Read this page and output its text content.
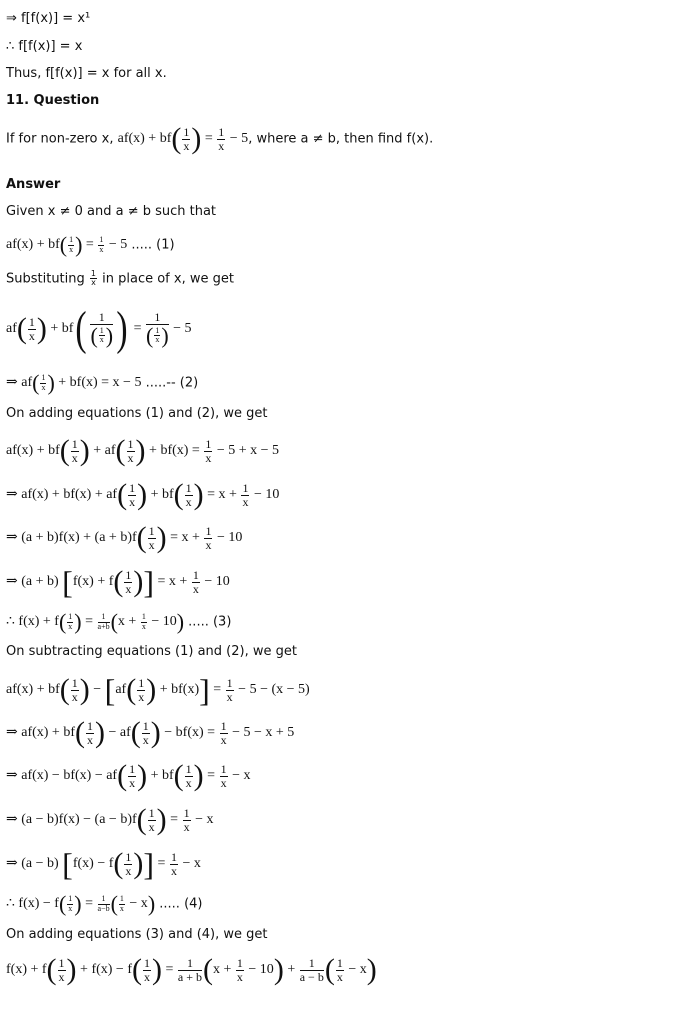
⇒ f[f(x)] = x¹
∴ f[f(x)] = x
Thus, f[f(x)] = x for all x.
11. Question
If for non-zero x, $af(x) + bf( \frac{1}{x}$ ) = $\frac{1}{x} - 5$, where a ≠ b, then find f(x).
Answer
Given x ≠ 0 and a ≠ b such that
$af(x) + bf( \frac{1}{x}$ ) = $\frac{1}{x} - 5$ ..... (1)
Substituting $\frac{1}{x}$ in place of x, we get
$af( \frac{1}{x}$ ) + $bf( \frac{1}{( \frac{1}{x} )}$ ) = $\frac{1}{( \frac{1}{x} )} - 5$
⇒ $af( \frac{1}{x}$ ) + bf(x) = x − 5 .....-- (2)
On adding equations (1) and (2), we get
$af(x) + bf( \frac{1}{x}$ ) + $af( \frac{1}{x}$ ) + $bf(x) = \frac{1}{x} - 5 + x - 5$
⇒ $af(x) + bf(x) + af( \frac{1}{x}$ ) + $bf( \frac{1}{x}$ ) = $x + \frac{1}{x} - 10$
⇒ $(a + b)f(x) + (a + b)f( \frac{1}{x}$ ) = $x + \frac{1}{x} - 10$
⇒ (a + b) [$f(x) + f( \frac{1}{x}$ )] = $x + \frac{1}{x} - 10$
∴ $f(x) + f( \frac{1}{x}$ ) = $\frac{1}{a+b} (x + \frac{1}{x} - 10)$ ..... (3)
On subtracting equations (1) and (2), we get
$af(x) + bf( \frac{1}{x}$ ) − [$af( \frac{1}{x}$ ) + $bf(x)] = \frac{1}{x} - 5 - (x - 5)$
⇒ $af(x) + bf( \frac{1}{x}$ ) − $af( \frac{1}{x}$ ) − $bf(x) = \frac{1}{x} - 5 - x + 5$
⇒ $af(x) - bf(x) - af( \frac{1}{x}$ ) + $bf( \frac{1}{x}$ ) = $\frac{1}{x} - x$
⇒ $(a - b)f(x) - (a - b)f( \frac{1}{x}$ ) = $\frac{1}{x} - x$
⇒ (a − b) [$f(x) - f( \frac{1}{x}$ )] = $\frac{1}{x} - x$
∴ $f(x) - f( \frac{1}{x}$ ) = $\frac{1}{a-b}$ ( $\frac{1}{x} - x$) ..... (4)
On adding equations (3) and (4), we get
$f(x) + f( \frac{1}{x}$ ) + $f(x) - f( \frac{1}{x}$ ) = $\frac{1}{a + b} (x + \frac{1}{x} - 10) + \frac{1}{a - b}$ ( $\frac{1}{x} - x$)
